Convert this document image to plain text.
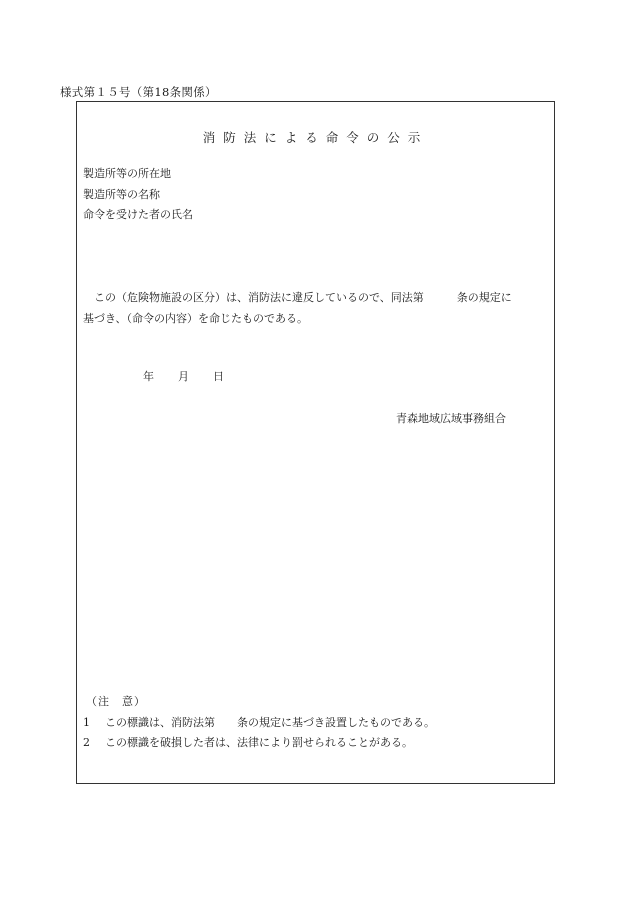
様式第１５号（第18条関係）
消防法による命令の公示
製造所等の所在地
製造所等の名称
命令を受けた者の氏名
　この（危険物施設の区分）は、消防法に違反しているので、同法第　　　条の規定に
基づき、（命令の内容）を命じたものである。
年 月 日
青森地域広域事務組合
（注　意）
1 この標識は、消防法第　　条の規定に基づき設置したものである。
2 この標識を破損した者は、法律により罰せられることがある。
